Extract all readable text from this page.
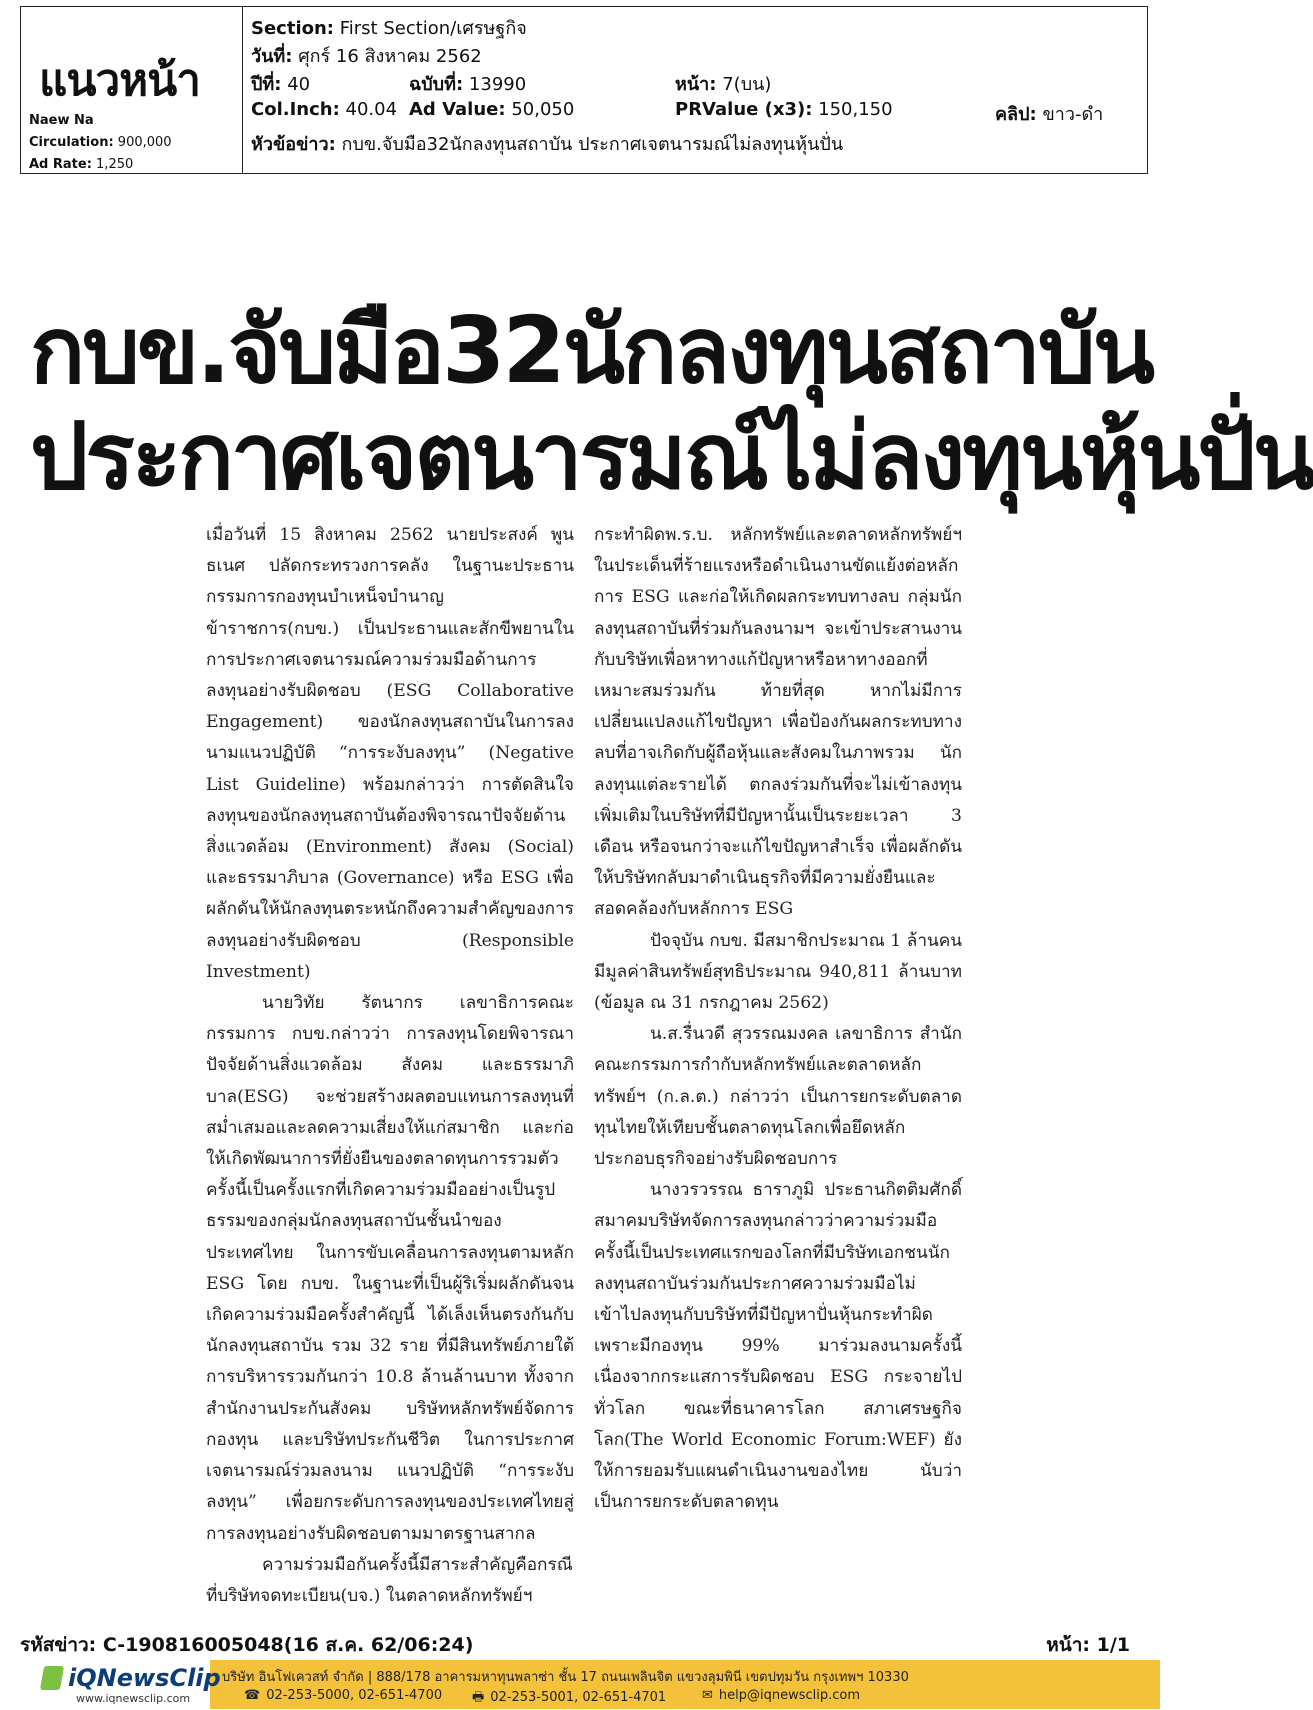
แนวหน้า
Naew Na
Circulation: 900,000
Ad Rate: 1,250
Section: First Section/เศรษฐกิจ
วันที่: ศุกร์ 16 สิงหาคม 2562
ปีที่: 40	ฉบับที่: 13990	หน้า: 7(บน)
Col.Inch: 40.04 Ad Value: 50,050	PRValue (x3): 150,150	คลิป: ขาว-ดำ
หัวข้อข่าว: กบข.จับมือ32นักลงทุนสถาบัน ประกาศเจตนารมณ์ไม่ลงทุนหุ้นปั่น
กบข.จับมือ32นักลงทุนสถาบัน
ประกาศเจตนารมณ์ไม่ลงทุนหุ้นปั่น

เมื่อวันที่ 15 สิงหาคม 2562 นายประสงค์ พูนธเนศ ปลัดกระทรวงการคลัง ในฐานะประธานกรรมการกองทุนบำเหน็จบำนาญข้าราชการ(กบข.) เป็นประธานและสักขีพยานในการประกาศเจตนารมณ์ความร่วมมือด้านการลงทุนอย่างรับผิดชอบ (ESG Collaborative Engagement) ของนักลงทุนสถาบันในการลงนามแนวปฏิบัติ “การระงับลงทุน” (Negative List Guideline) พร้อมกล่าวว่า การตัดสินใจลงทุนของนักลงทุนสถาบันต้องพิจารณาปัจจัยด้านสิ่งแวดล้อม (Environment) สังคม (Social) และธรรมาภิบาล (Governance) หรือ ESG เพื่อผลักดันให้นักลงทุนตระหนักถึงความสำคัญของการลงทุนอย่างรับผิดชอบ (Responsible Investment)

นายวิทัย รัตนากร เลขาธิการคณะกรรมการ กบข.กล่าวว่า การลงทุนโดยพิจารณาปัจจัยด้านสิ่งแวดล้อม สังคม และธรรมาภิบาล(ESG) จะช่วยสร้างผลตอบแทนการลงทุนที่สม่ำเสมอและลดความเสี่ยงให้แก่สมาชิก และก่อให้เกิดพัฒนาการที่ยั่งยืนของตลาดทุนการรวมตัวครั้งนี้เป็นครั้งแรกที่เกิดความร่วมมืออย่างเป็นรูปธรรมของกลุ่มนักลงทุนสถาบันชั้นนำของประเทศไทย ในการขับเคลื่อนการลงทุนตามหลัก ESG โดย กบข. ในฐานะที่เป็นผู้ริเริ่มผลักดันจนเกิดความร่วมมือครั้งสำคัญนี้ ได้เล็งเห็นตรงกันกับนักลงทุนสถาบัน รวม 32 ราย ที่มีสินทรัพย์ภายใต้การบริหารรวมกันกว่า 10.8 ล้านล้านบาท ทั้งจากสำนักงานประกันสังคม บริษัทหลักทรัพย์จัดการกองทุน และบริษัทประกันชีวิต ในการประกาศเจตนารมณ์ร่วมลงนาม แนวปฏิบัติ “การระงับลงทุน” เพื่อยกระดับการลงทุนของประเทศไทยสู่การลงทุนอย่างรับผิดชอบตามมาตรฐานสากล

ความร่วมมือกันครั้งนี้มีสาระสำคัญคือกรณีที่บริษัทจดทะเบียน(บจ.) ในตลาดหลักทรัพย์ฯ

กระทำผิดพ.ร.บ. หลักทรัพย์และตลาดหลักทรัพย์ฯ ในประเด็นที่ร้ายแรงหรือดำเนินงานขัดแย้งต่อหลักการ ESG และก่อให้เกิดผลกระทบทางลบ กลุ่มนักลงทุนสถาบันที่ร่วมกันลงนามฯ จะเข้าประสานงานกับบริษัทเพื่อหาทางแก้ปัญหาหรือหาทางออกที่เหมาะสมร่วมกัน ท้ายที่สุด หากไม่มีการเปลี่ยนแปลงแก้ไขปัญหา เพื่อป้องกันผลกระทบทางลบที่อาจเกิดกับผู้ถือหุ้นและสังคมในภาพรวม นักลงทุนแต่ละรายได้ ตกลงร่วมกันที่จะไม่เข้าลงทุนเพิ่มเติมในบริษัทที่มีปัญหานั้นเป็นระยะเวลา 3 เดือน หรือจนกว่าจะแก้ไขปัญหาสำเร็จ เพื่อผลักดันให้บริษัทกลับมาดำเนินธุรกิจที่มีความยั่งยืนและสอดคล้องกับหลักการ ESG

ปัจจุบัน กบข. มีสมาชิกประมาณ 1 ล้านคน มีมูลค่าสินทรัพย์สุทธิประมาณ 940,811 ล้านบาท (ข้อมูล ณ 31 กรกฎาคม 2562)

น.ส.รื่นวดี สุวรรณมงคล เลขาธิการ สำนักคณะกรรมการกำกับหลักทรัพย์และตลาดหลักทรัพย์ฯ (ก.ล.ต.) กล่าวว่า เป็นการยกระดับตลาดทุนไทยให้เทียบชั้นตลาดทุนโลกเพื่อยึดหลักประกอบธุรกิจอย่างรับผิดชอบการ

นางวรวรรณ ธาราภูมิ ประธานกิตติมศักดิ์สมาคมบริษัทจัดการลงทุนกล่าวว่าความร่วมมือครั้งนี้เป็นประเทศแรกของโลกที่มีบริษัทเอกชนนักลงทุนสถาบันร่วมกันประกาศความร่วมมือไม่เข้าไปลงทุนกับบริษัทที่มีปัญหาปั่นหุ้นกระทำผิด เพราะมีกองทุน 99% มาร่วมลงนามครั้งนี้ เนื่องจากกระแสการรับผิดชอบ ESG กระจายไปทั่วโลก ขณะที่ธนาคารโลก สภาเศรษฐกิจโลก(The World Economic Forum:WEF) ยังให้การยอมรับแผนดำเนินงานของไทย นับว่าเป็นการยกระดับตลาดทุน

รหัสข่าว: C-190816005048(16 ส.ค. 62/06:24)	หน้า: 1/1
iQNewsClip
www.iqnewsclip.com
บริษัท อินโฟเควสท์ จำกัด | 888/178 อาคารมหาทุนพลาซ่า ชั้น 17 ถนนเพลินจิต แขวงลุมพินี เขตปทุมวัน กรุงเทพฯ 10330
☎ 02-253-5000, 02-651-4700 🖶 02-253-5001, 02-651-4701	✉ help@iqnewsclip.com
